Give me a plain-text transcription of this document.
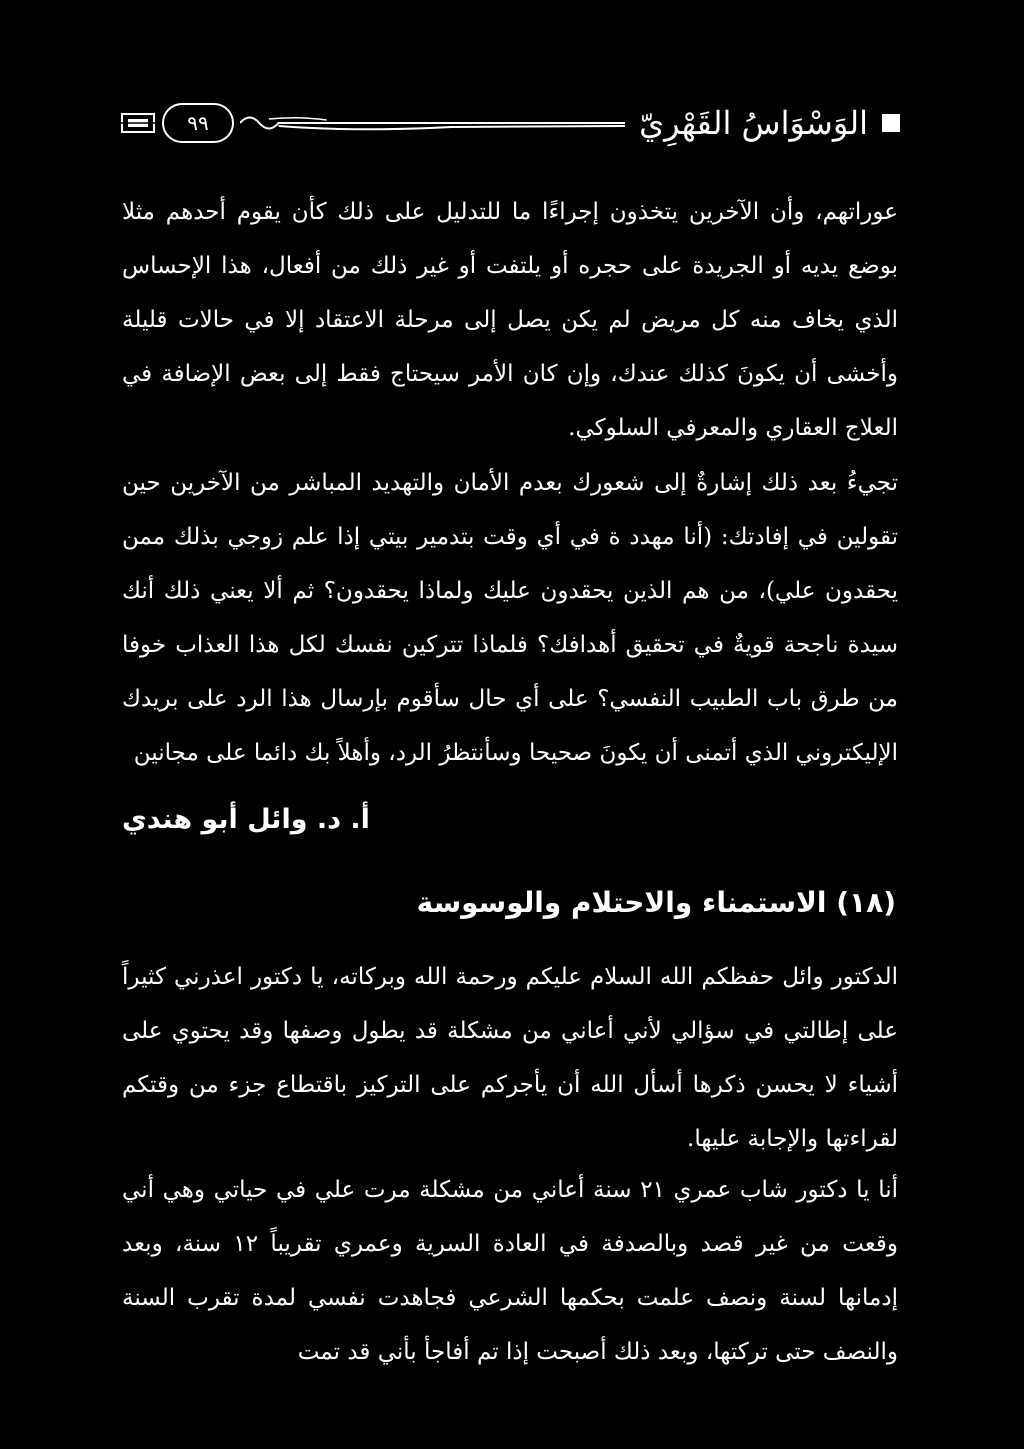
٩٩	الوَسْوَاسُ القَهْرِيّ
عوراتهم، وأن الآخرين يتخذون إجراءًا ما للتدليل على ذلك كأن يقوم أحدهم مثلا بوضع يديه أو الجريدة على حجره أو يلتفت أو غير ذلك من أفعال، هذا الإحساس الذي يخاف منه كل مريض لم يكن يصل إلى مرحلة الاعتقاد إلا في حالات قليلة وأخشى أن يكونَ كذلك عندك، وإن كان الأمر سيحتاج فقط إلى بعض الإضافة في العلاج العقاري والمعرفي السلوكي.
تجيءُ بعد ذلك إشارةٌ إلى شعورك بعدم الأمان والتهديد المباشر من الآخرين حين تقولين في إفادتك: (أنا مهدد ة في أي وقت بتدمير بيتي إذا علم زوجي بذلك ممن يحقدون علي)، من هم الذين يحقدون عليك ولماذا يحقدون؟ ثم ألا يعني ذلك أنك سيدة ناجحة قويةٌ في تحقيق أهدافك؟ فلماذا تتركين نفسك لكل هذا العذاب خوفا من طرق باب الطبيب النفسي؟ على أي حال سأقوم بإرسال هذا الرد على بريدك الإليكتروني الذي أتمنى أن يكونَ صحيحا وسأنتظرُ الرد، وأهلاً بك دائما على مجانين
أ. د. وائل أبو هندي
(١٨) الاستمناء والاحتلام والوسوسة
الدكتور وائل حفظكم الله السلام عليكم ورحمة الله وبركاته، يا دكتور اعذرني كثيراً على إطالتي في سؤالي لأني أعاني من مشكلة قد يطول وصفها وقد يحتوي على أشياء لا يحسن ذكرها أسأل الله أن يأجركم على التركيز باقتطاع جزء من وقتكم لقراءتها والإجابة عليها.
أنا يا دكتور شاب عمري ٢١ سنة أعاني من مشكلة مرت علي في حياتي وهي أني وقعت من غير قصد وبالصدفة في العادة السرية وعمري تقريباً ١٢ سنة، وبعد إدمانها لسنة ونصف علمت بحكمها الشرعي فجاهدت نفسي لمدة تقرب السنة والنصف حتى تركتها، وبعد ذلك أصبحت إذا تم أفاجأ بأني قد تمت
